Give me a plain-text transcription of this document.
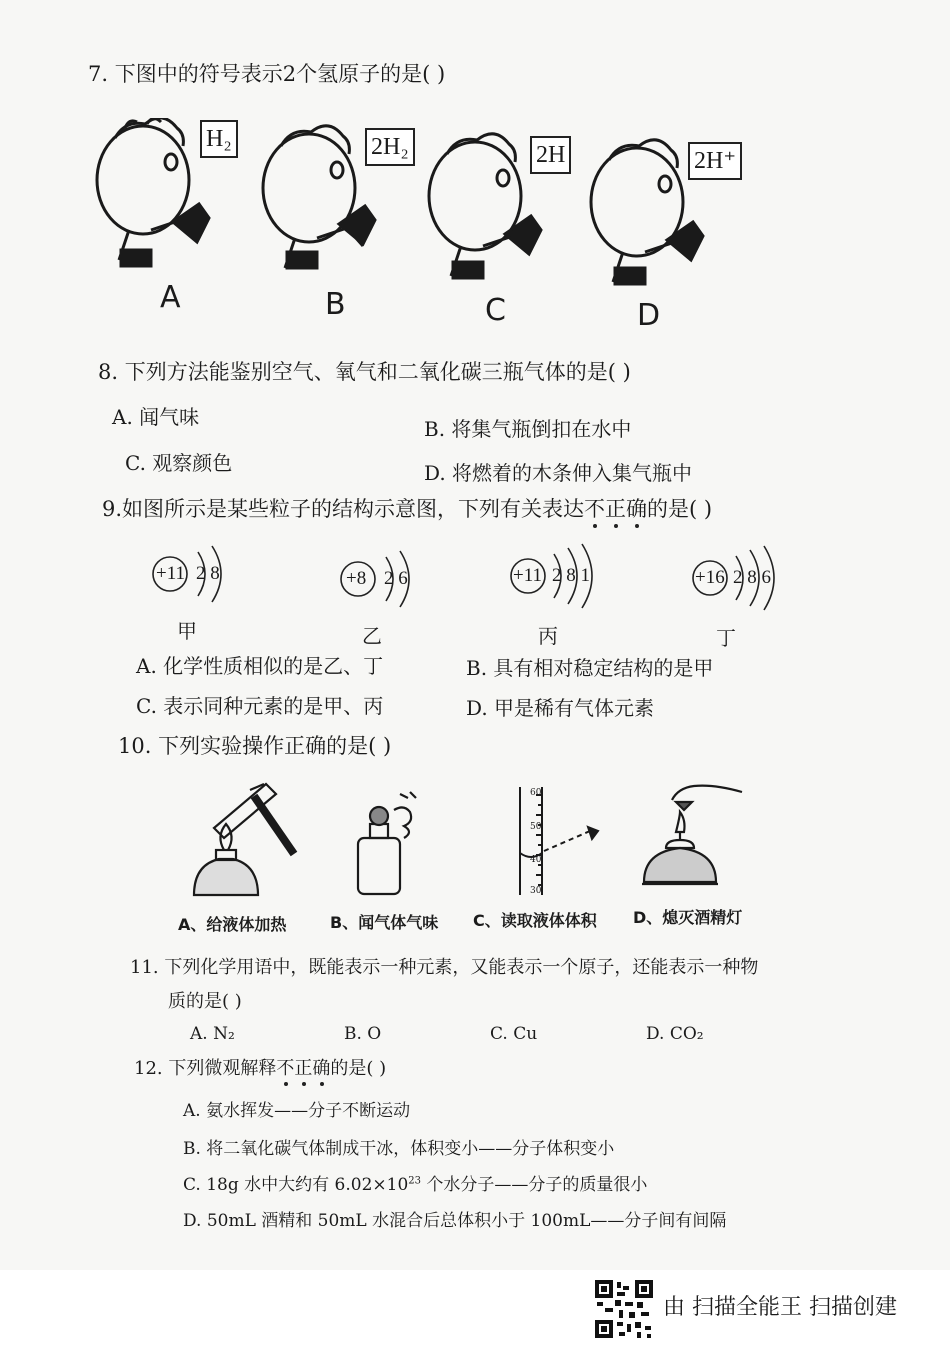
7. 下图中的符号表示2个氢原子的是( )
H₂	2H₂	2H	2H⁺
A	B	C	D
8. 下列方法能鉴别空气、氧气和二氧化碳三瓶气体的是( )
A. 闻气味	B. 将集气瓶倒扣在水中
C. 观察颜色	D. 将燃着的木条伸入集气瓶中
9.如图所示是某些粒子的结构示意图，下列有关表达不正确的是( )
+11 2 8
甲
+8 2 6
乙
+11 2 8 1
丙
+16 2 8 6
丁
A. 化学性质相似的是乙、丁	B. 具有相对稳定结构的是甲
C. 表示同种元素的是甲、丙	D. 甲是稀有气体元素
10. 下列实验操作正确的是( )
60
50
40
30
A、给液体加热	B、闻气体气味 C、读取液体体积 D、熄灭酒精灯
11. 下列化学用语中，既能表示一种元素，又能表示一个原子，还能表示一种物
质的是( )
A. N₂	B. O	C. Cu	D. CO₂
12. 下列微观解释不正确的是( )
A. 氨水挥发——分子不断运动
B. 将二氧化碳气体制成干冰，体积变小——分子体积变小
C. 18g 水中大约有 $6.02\times 10^{23}$ 个水分子——分子的质量很小
D. 50mL 酒精和 50mL 水混合后总体积小于 100mL——分子间有间隔
由 扫描全能王 扫描创建
